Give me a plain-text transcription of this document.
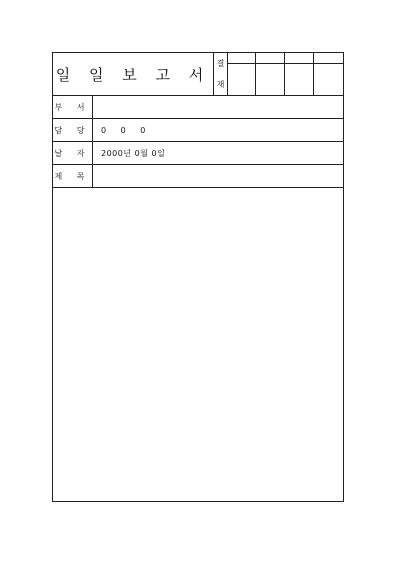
일 일 보 고 서
결
재
부 서
담 당	0 0 0
날 자	2000년 0월 0일
제 목
